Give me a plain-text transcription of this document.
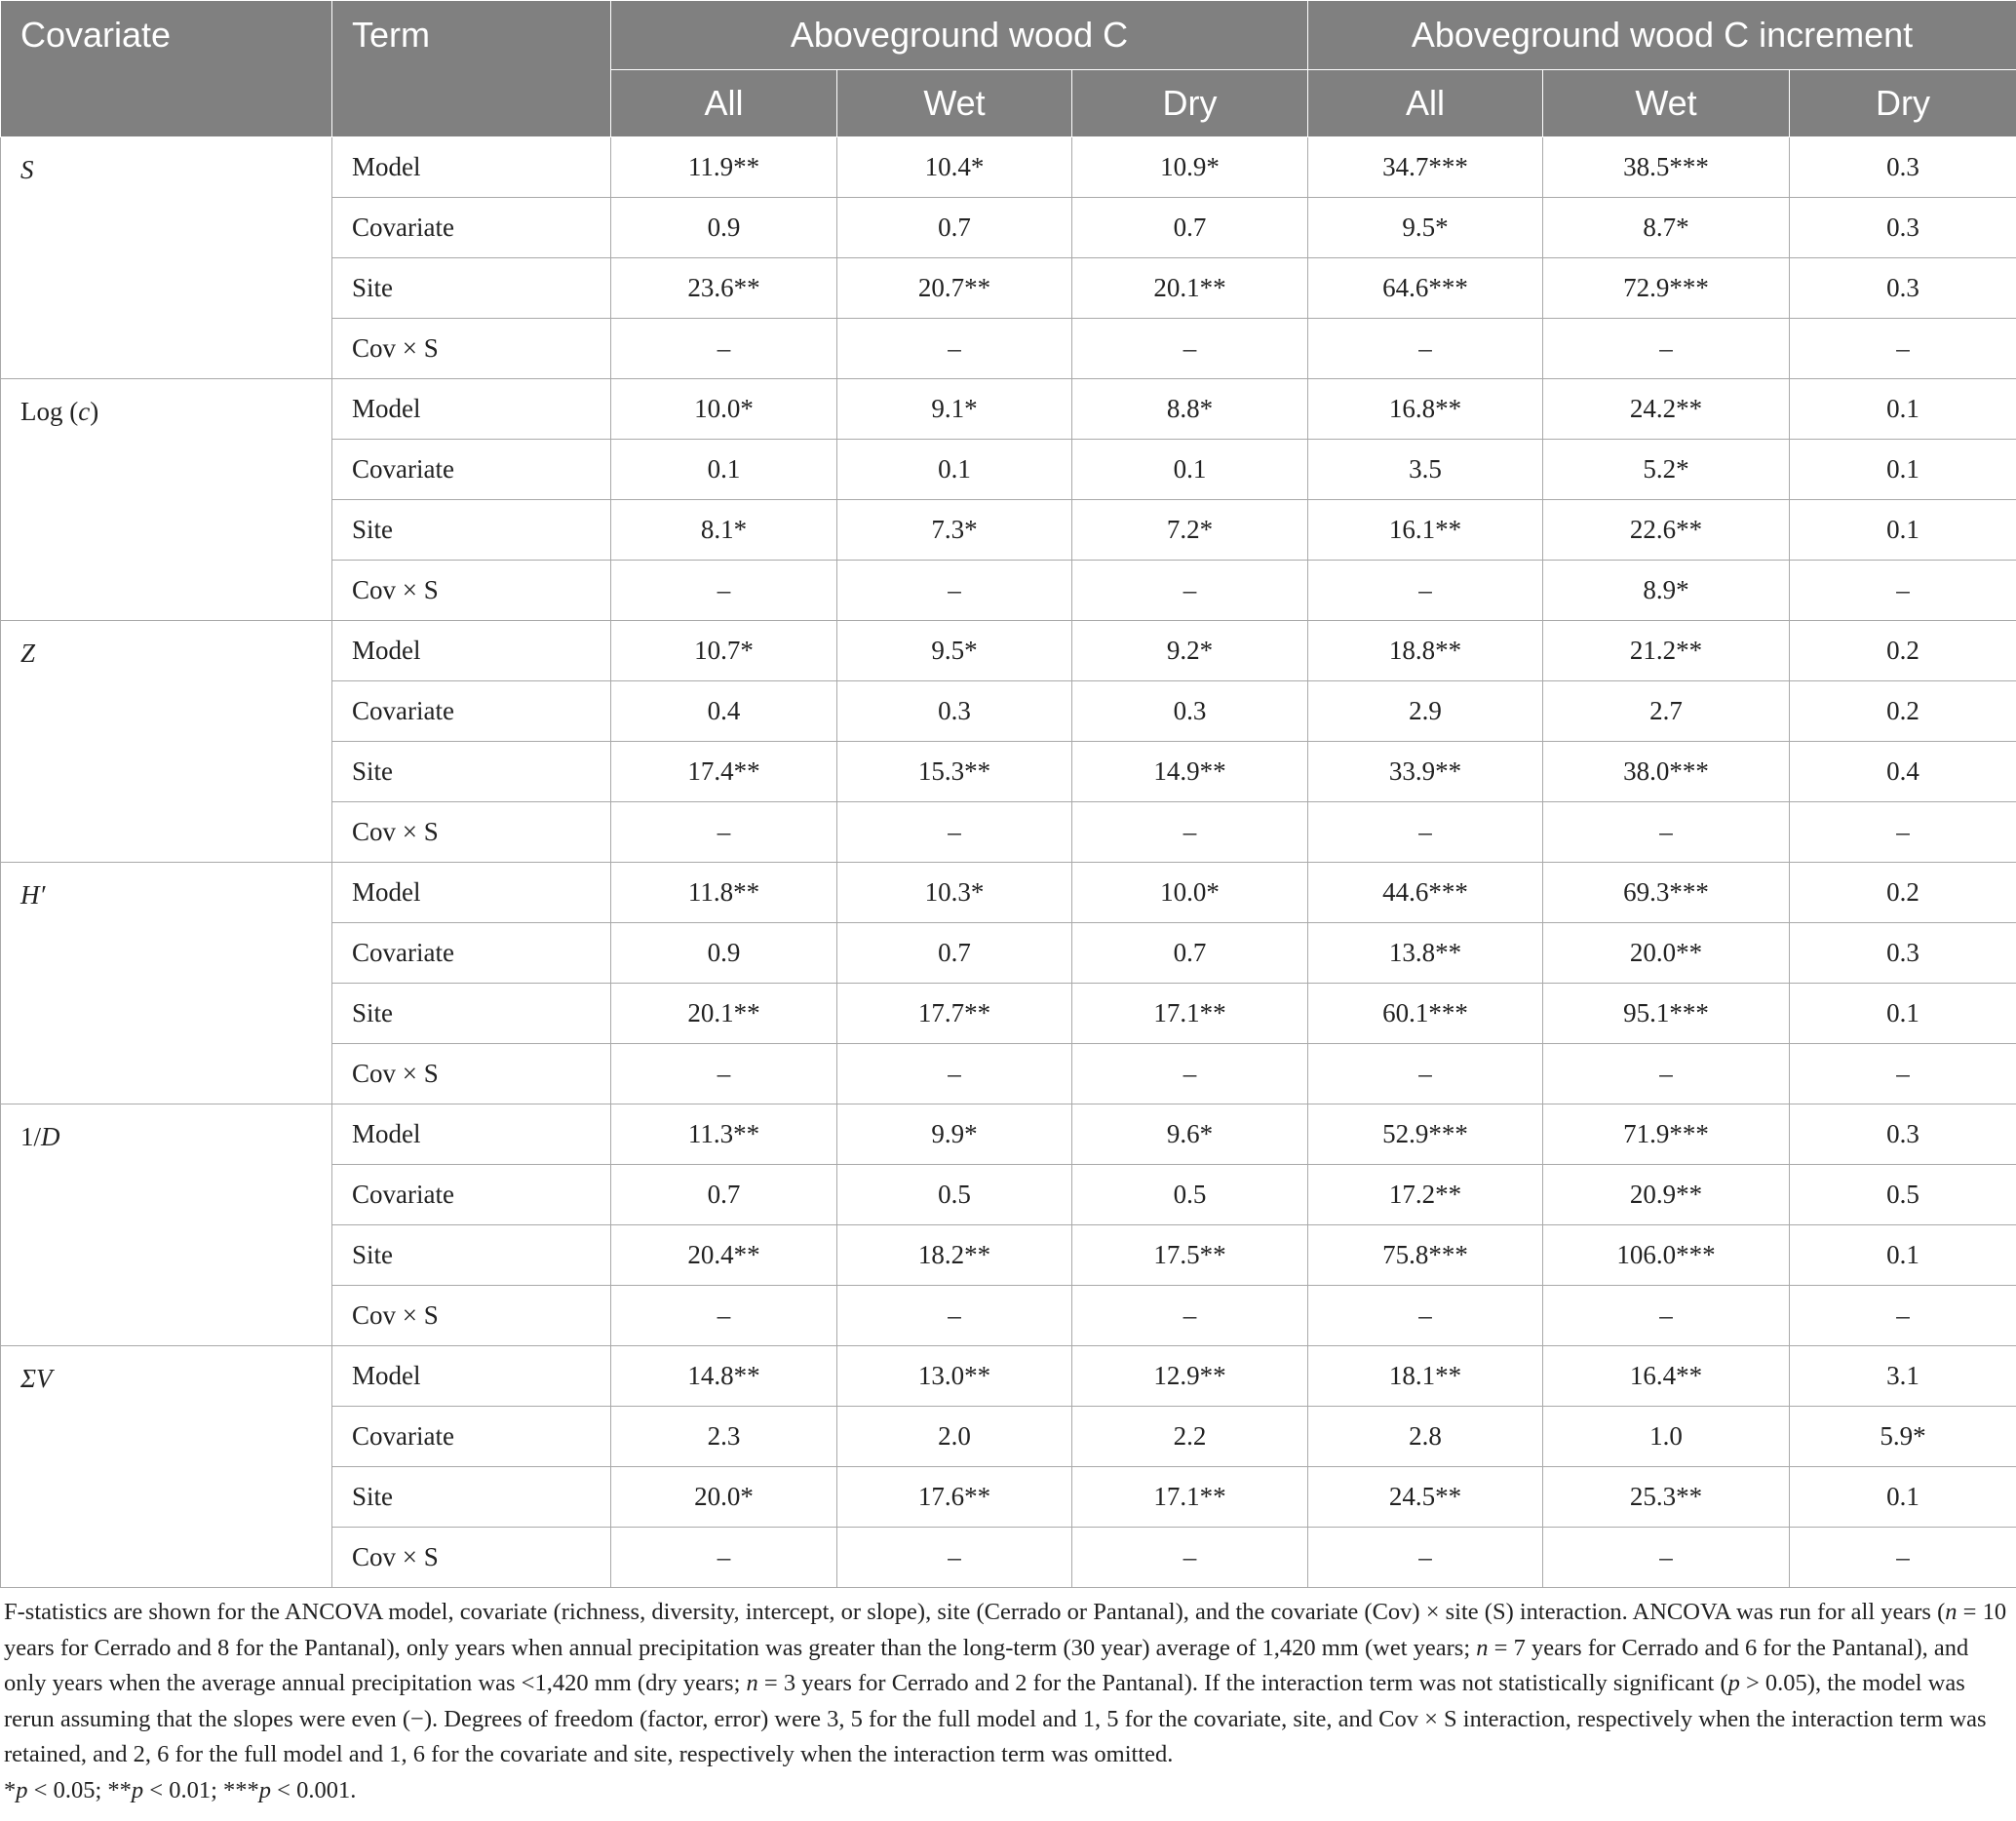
Covariate	Term	Aboveground wood C			Aboveground wood C increment		
		All	Wet	Dry	All	Wet	Dry
S	Model	11.9**	10.4*	10.9*	34.7***	38.5***	0.3
	Covariate	0.9	0.7	0.7	9.5*	8.7*	0.3
	Site	23.6**	20.7**	20.1**	64.6***	72.9***	0.3
	Cov × S	–	–	–	–	–	–
Log (c)	Model	10.0*	9.1*	8.8*	16.8**	24.2**	0.1
	Covariate	0.1	0.1	0.1	3.5	5.2*	0.1
	Site	8.1*	7.3*	7.2*	16.1**	22.6**	0.1
	Cov × S	–	–	–	–	8.9*	–
Z	Model	10.7*	9.5*	9.2*	18.8**	21.2**	0.2
	Covariate	0.4	0.3	0.3	2.9	2.7	0.2
	Site	17.4**	15.3**	14.9**	33.9**	38.0***	0.4
	Cov × S	–	–	–	–	–	–
H′	Model	11.8**	10.3*	10.0*	44.6***	69.3***	0.2
	Covariate	0.9	0.7	0.7	13.8**	20.0**	0.3
	Site	20.1**	17.7**	17.1**	60.1***	95.1***	0.1
	Cov × S	–	–	–	–	–	–
1/D	Model	11.3**	9.9*	9.6*	52.9***	71.9***	0.3
	Covariate	0.7	0.5	0.5	17.2**	20.9**	0.5
	Site	20.4**	18.2**	17.5**	75.8***	106.0***	0.1
	Cov × S	–	–	–	–	–	–
ΣV	Model	14.8**	13.0**	12.9**	18.1**	16.4**	3.1
	Covariate	2.3	2.0	2.2	2.8	1.0	5.9*
	Site	20.0*	17.6**	17.1**	24.5**	25.3**	0.1
	Cov × S	–	–	–	–	–	–
F-statistics are shown for the ANCOVA model, covariate (richness, diversity, intercept, or slope), site (Cerrado or Pantanal), and the covariate (Cov) × site (S) interaction. ANCOVA was run for all years (n = 10 years for Cerrado and 8 for the Pantanal), only years when annual precipitation was greater than the long-term (30 year) average of 1,420 mm (wet years; n = 7 years for Cerrado and 6 for the Pantanal), and only years when the average annual precipitation was <1,420 mm (dry years; n = 3 years for Cerrado and 2 for the Pantanal). If the interaction term was not statistically significant (p > 0.05), the model was rerun assuming that the slopes were even (−). Degrees of freedom (factor, error) were 3, 5 for the full model and 1, 5 for the covariate, site, and Cov × S interaction, respectively when the interaction term was retained, and 2, 6 for the full model and 1, 6 for the covariate and site, respectively when the interaction term was omitted.
*p < 0.05; **p < 0.01; ***p < 0.001.
